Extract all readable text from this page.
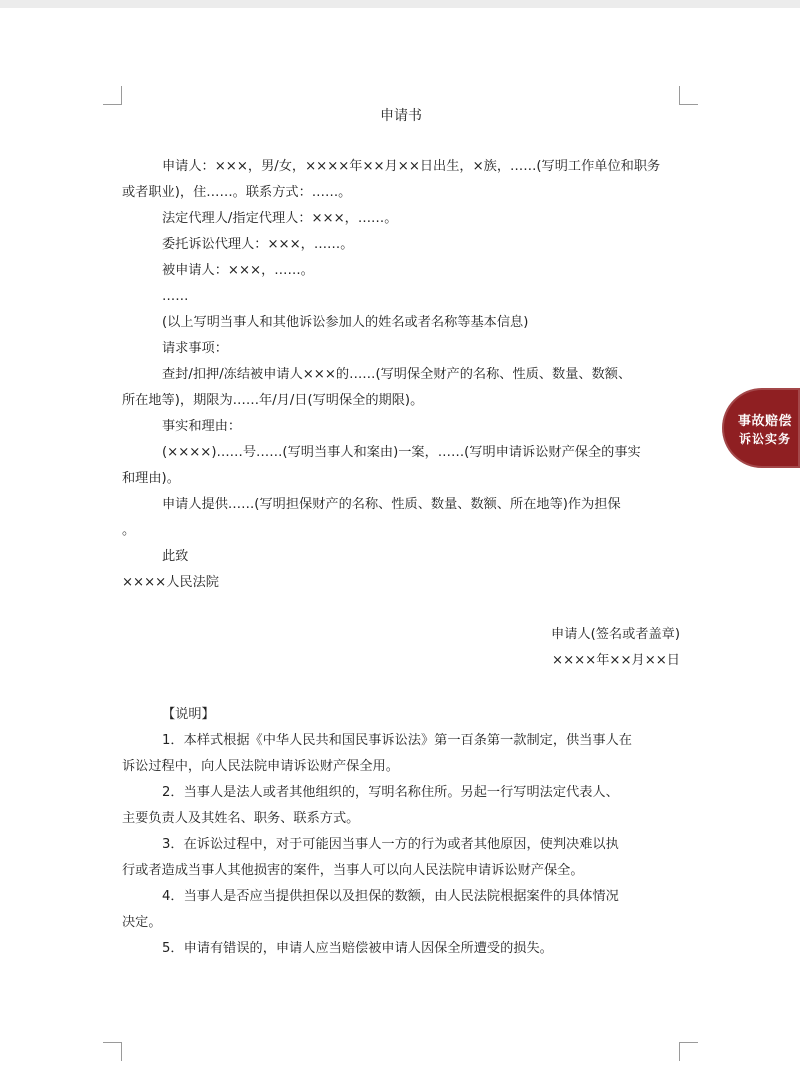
申请书
申请人：×××，男/女，××××年××月××日出生，×族，……(写明工作单位和职务
或者职业)，住……。联系方式：……。
法定代理人/指定代理人：×××，……。
委托诉讼代理人：×××，……。
被申请人：×××，……。
……
(以上写明当事人和其他诉讼参加人的姓名或者名称等基本信息)
请求事项：
查封/扣押/冻结被申请人×××的……(写明保全财产的名称、性质、数量、数额、
所在地等)，期限为……年/月/日(写明保全的期限)。
事实和理由：
(××××)……号……(写明当事人和案由)一案，……(写明申请诉讼财产保全的事实
和理由)。
申请人提供……(写明担保财产的名称、性质、数量、数额、所在地等)作为担保
。
此致
××××人民法院
申请人(签名或者盖章)
××××年××月××日
【说明】
1．本样式根据《中华人民共和国民事诉讼法》第一百条第一款制定，供当事人在
诉讼过程中，向人民法院申请诉讼财产保全用。
2．当事人是法人或者其他组织的，写明名称住所。另起一行写明法定代表人、
主要负责人及其姓名、职务、联系方式。
3．在诉讼过程中，对于可能因当事人一方的行为或者其他原因，使判决难以执
行或者造成当事人其他损害的案件，当事人可以向人民法院申请诉讼财产保全。
4．当事人是否应当提供担保以及担保的数额，由人民法院根据案件的具体情况
决定。
5．申请有错误的，申请人应当赔偿被申请人因保全所遭受的损失。
事故赔偿
诉讼实务
